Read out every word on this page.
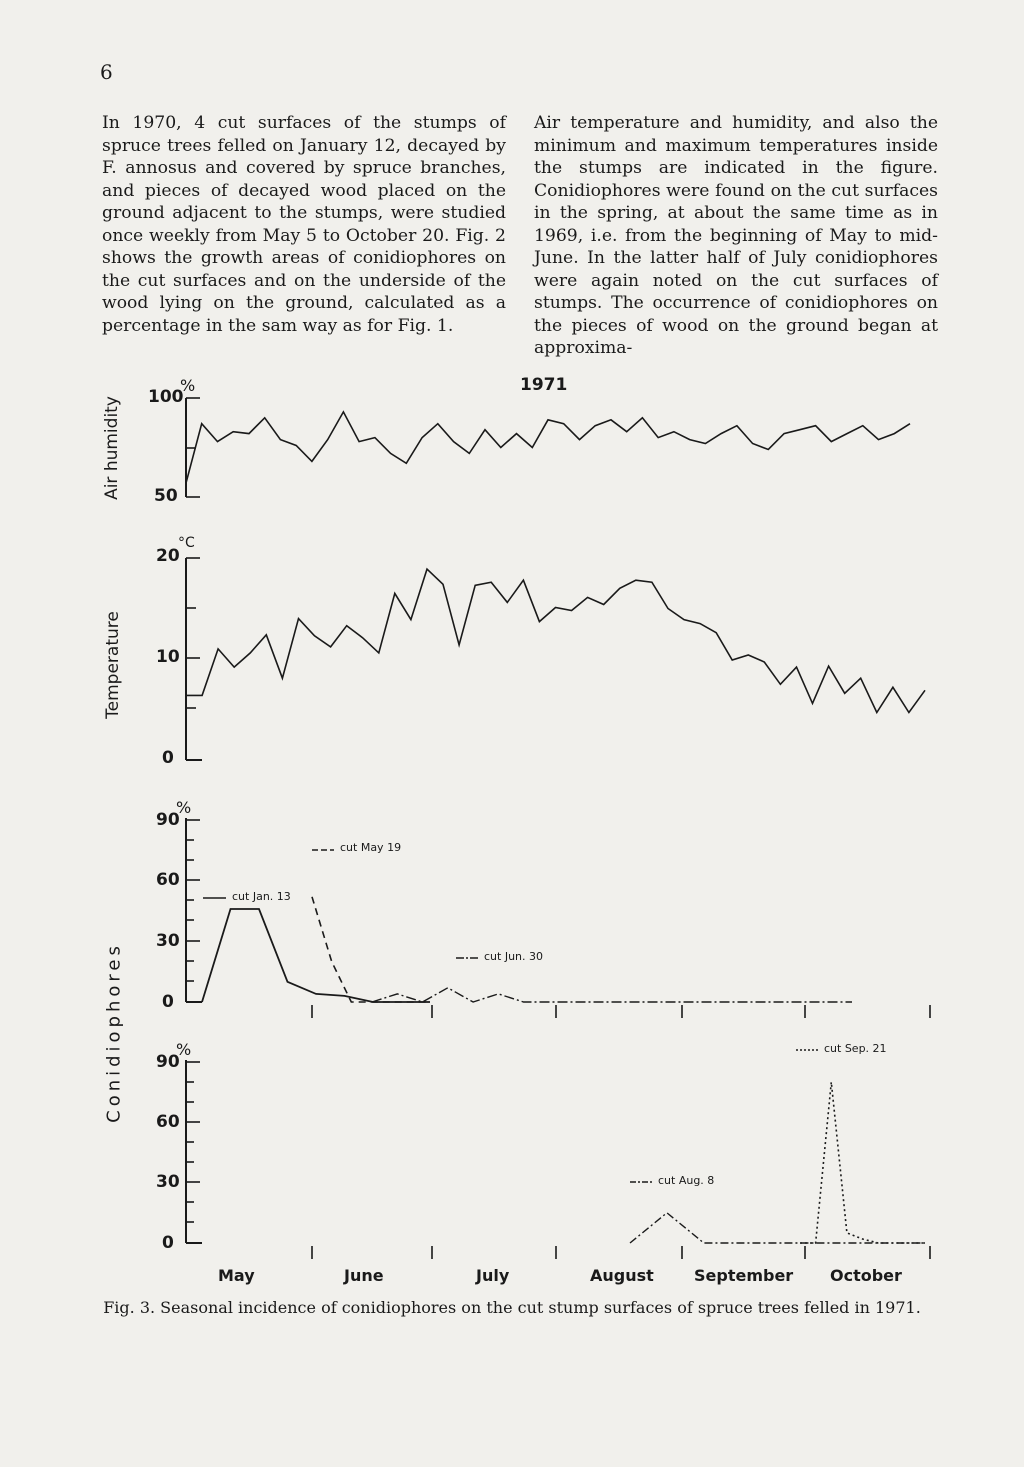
6

In 1970, 4 cut surfaces of the stumps of spruce trees felled on January 12, decayed by F. annosus and covered by spruce branches, and pieces of decayed wood placed on the ground adjacent to the stumps, were studied once weekly from May 5 to October 20. Fig. 2 shows the growth areas of conidiophores on the cut surfaces and on the underside of the wood lying on the ground, calculated as a percentage in the sam way as for Fig. 1.

Air temperature and humidity, and also the minimum and maximum temperatures inside the stumps are indicated in the figure. Conidiophores were found on the cut surfaces in the spring, at about the same time as in 1969, i.e. from the beginning of May to mid-June. In the latter half of July conidiophores were again noted on the cut surfaces of stumps. The occurrence of conidiophores on the pieces of wood on the ground began at approxima-

1971
%
100
50
Air humidity
°C
20
10
0
Temperature
Conidiophores
%
90
60
30
0
cut May 19
cut Jan. 13
cut Jun. 30
%
90
60
30
0
cut Sep. 21
cut Aug. 8
May	June	July	August	September October
Fig. 3. Seasonal incidence of conidiophores on the cut stump surfaces of spruce trees felled in 1971.
